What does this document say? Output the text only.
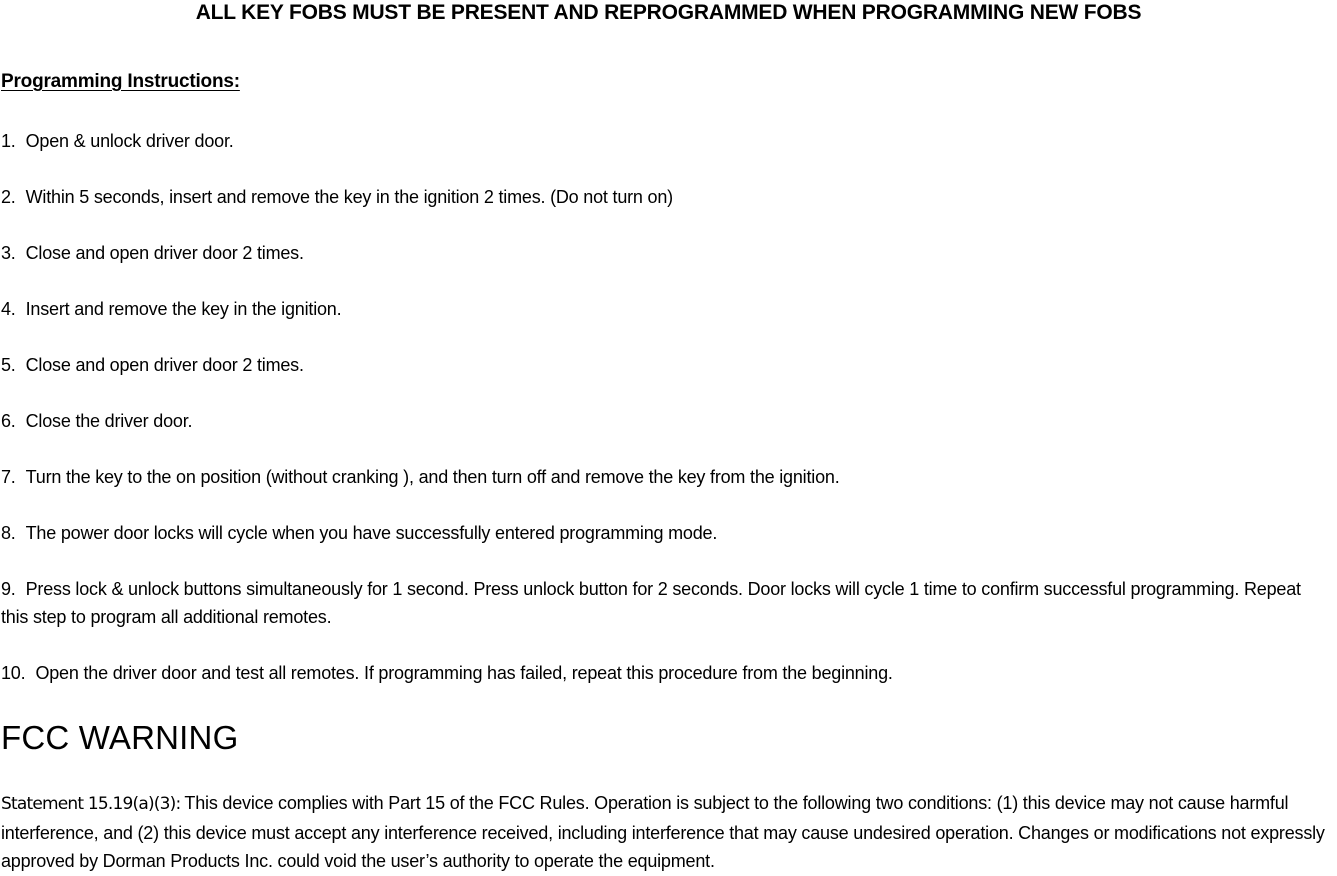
ALL KEY FOBS MUST BE PRESENT AND REPROGRAMMED WHEN PROGRAMMING NEW FOBS
Programming Instructions:
1. Open & unlock driver door.
2. Within 5 seconds, insert and remove the key in the ignition 2 times. (Do not turn on)
3. Close and open driver door 2 times.
4. Insert and remove the key in the ignition.
5. Close and open driver door 2 times.
6. Close the driver door.
7. Turn the key to the on position (without cranking ), and then turn off and remove the key from the ignition.
8. The power door locks will cycle when you have successfully entered programming mode.
9. Press lock & unlock buttons simultaneously for 1 second. Press unlock button for 2 seconds. Door locks will cycle 1 time to confirm successful programming. Repeat this step to program all additional remotes.
10. Open the driver door and test all remotes. If programming has failed, repeat this procedure from the beginning.
FCC WARNING
Statement 15.19(a)(3): This device complies with Part 15 of the FCC Rules. Operation is subject to the following two conditions: (1) this device may not cause harmful interference, and (2) this device must accept any interference received, including interference that may cause undesired operation. Changes or modifications not expressly approved by Dorman Products Inc. could void the user’s authority to operate the equipment.
